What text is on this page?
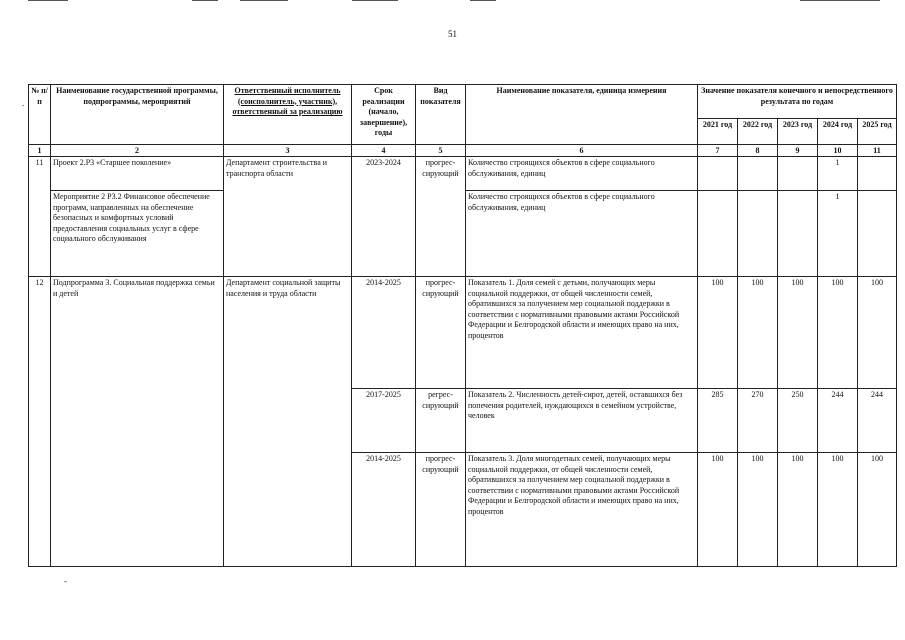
51
№ п/п	Наименование государственной программы, подпрограммы, мероприятий	Ответственный исполнитель (соисполнитель, участник), ответственный за реализацию	Срок реализации (начало, завершение), годы	Вид показателя	Наименование показателя, единица измерения	Значение показателя конечного и непосредственного результата по годам				
						2021 год	2022 год	2023 год	2024 год	2025 год
1	2	3	4	5	6	7	8	9	10	11
11	Проект 2.Р3 «Старшее поколение»	Департамент строительства и транспорта области	2023-2024	прогрес- сирующий	Количество строящихся объектов в сфере социального обслуживания, единиц				1	
	Мероприятие 2 Р3.2 Финансовое обеспечение программ, направленных на обеспечение безопасных и комфортных условий предоставления социальных услуг в сфере социального обслуживания				Количество строящихся объектов в сфере социального обслуживания, единиц				1	
12	Подпрограмма 3. Социальная поддержка семьи и детей	Департамент социальной защиты населения и труда области	2014-2025	прогрес- сирующий	Показатель 1. Доля семей с детьми, получающих меры социальной поддержки, от общей численности семей, обратившихся за получением мер социальной поддержки в соответствии с нормативными правовыми актами Российской Федерации и Белгородской области и имеющих право на них, процентов	100	100	100	100	100
			2017-2025	регрес- сирующий	Показатель 2. Численность детей-сирот, детей, оставшихся без попечения родителей, нуждающихся в семейном устройстве, человек	285	270	250	244	244
			2014-2025	прогрес- сирующий	Показатель 3. Доля многодетных семей, получающих меры социальной поддержки, от общей численности семей, обратившихся за получением мер социальной поддержки в соответствии с нормативными правовыми актами Российской Федерации и Белгородской области и имеющих право на них, процентов	100	100	100	100	100
.
-
